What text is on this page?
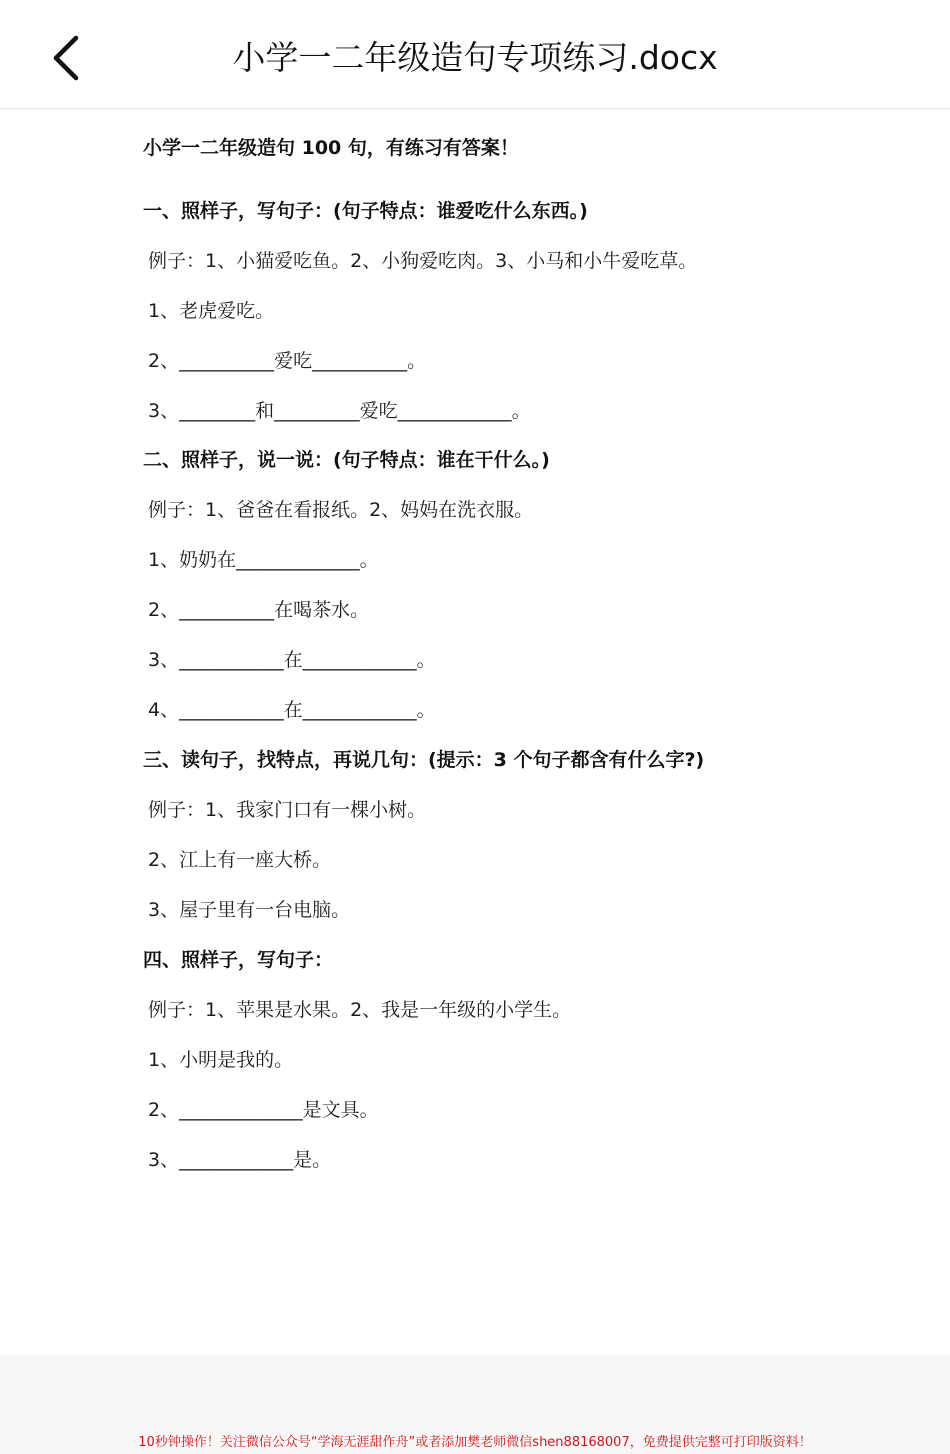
小学一二年级造句专项练习.docx
小学一二年级造句 100 句，有练习有答案！
一、照样子，写句子：(句子特点：谁爱吃什么东西。)
例子：1、小猫爱吃鱼。2、小狗爱吃肉。3、小马和小牛爱吃草。
1、老虎爱吃。
2、__________爱吃__________。
3、________和_________爱吃____________。
二、照样子，说一说：(句子特点：谁在干什么。)
例子：1、爸爸在看报纸。2、妈妈在洗衣服。
1、奶奶在_____________。
2、__________在喝茶水。
3、___________在____________。
4、___________在____________。
三、读句子，找特点，再说几句：(提示：3 个句子都含有什么字?)
例子：1、我家门口有一棵小树。
2、江上有一座大桥。
3、屋子里有一台电脑。
四、照样子，写句子：
例子：1、苹果是水果。2、我是一年级的小学生。
1、小明是我的。
2、_____________是文具。
3、____________是。
10秒钟操作！关注微信公众号“学海无涯甜作舟”或者添加樊老师微信shen88168007，免费提供完整可打印版资料！
